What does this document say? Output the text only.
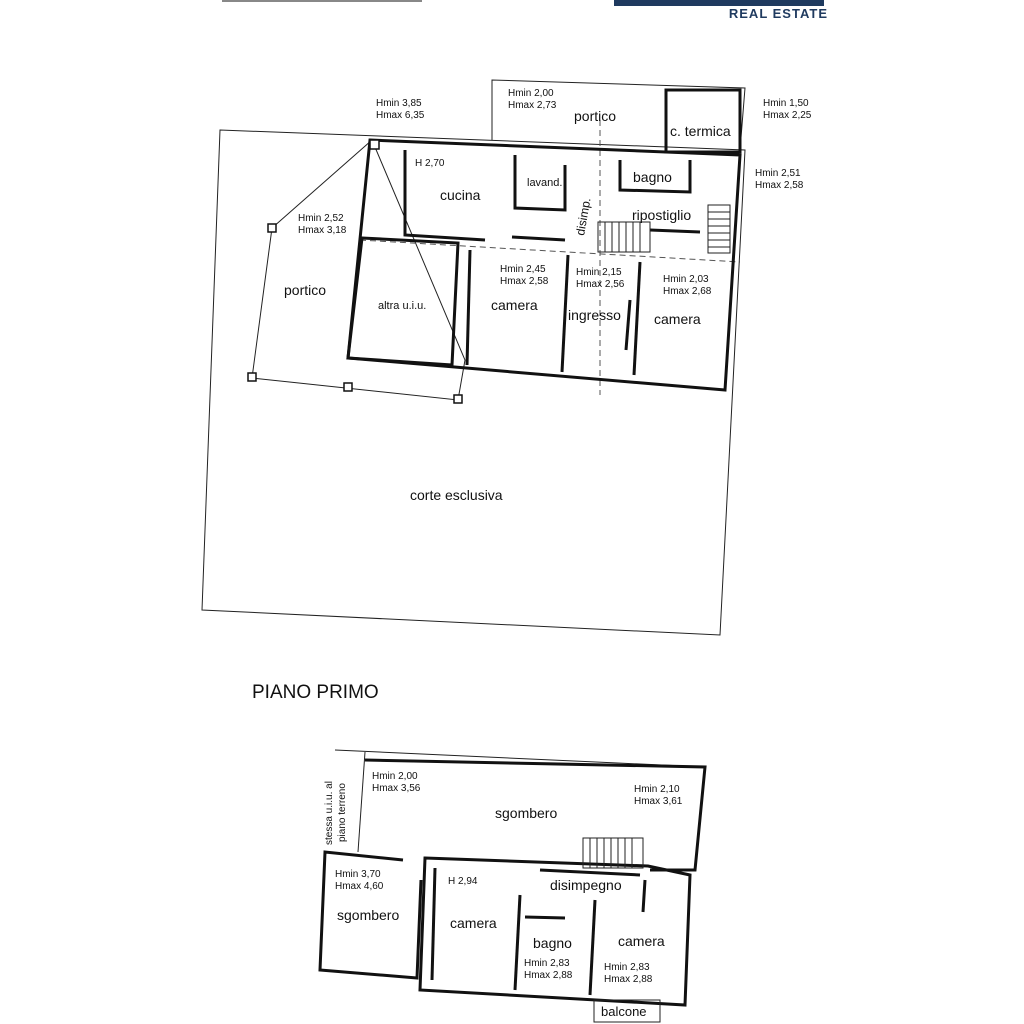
REAL ESTATE
portico
c. termica
cucina
lavand.	bagno
disimp.	ripostiglio
portico
altra u.i.u.	camera
ingresso camera
corte esclusiva
Hmin 2,00
Hmax 2,73	Hmin 1,50
Hmax 2,25
Hmin 3,85
Hmax 6,35
H 2,70
Hmin 2,52
Hmax 3,18
Hmin 2,51
Hmax 2,58
Hmin 2,45
Hmax 2,58
Hmin 2,15
Hmax 2,56	Hmin 2,03
Hmax 2,68
PIANO PRIMO
stessa u.i.u. al piano terreno	sgombero
sgombero
disimpegno
camera
bagno	camera
balcone
Hmin 2,00
Hmax 3,56	Hmin 2,10
Hmax 3,61
Hmin 3,70
Hmax 4,60	H 2,94
Hmin 2,83
Hmax 2,88
Hmin 2,83
Hmax 2,88
